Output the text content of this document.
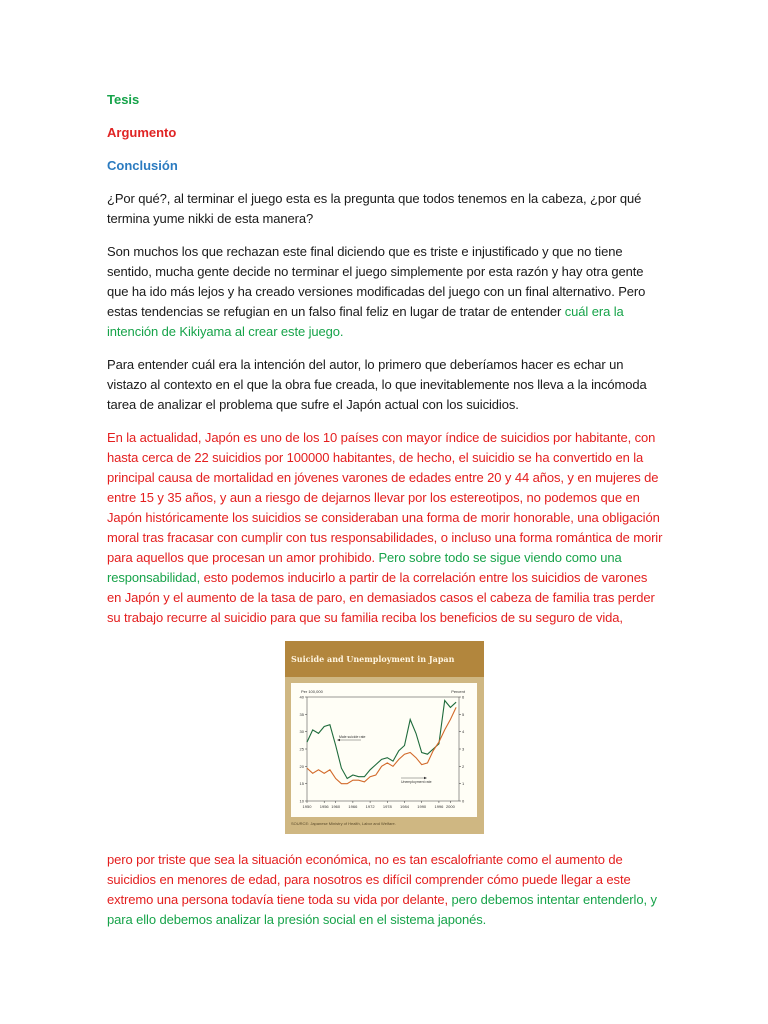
Tesis
Argumento
Conclusión
¿Por qué?, al terminar el juego esta es la pregunta que todos tenemos en la cabeza, ¿por qué termina yume nikki de esta manera?
Son muchos los que rechazan este final diciendo que es triste e injustificado y que no tiene sentido, mucha gente decide no terminar el juego simplemente por esta razón y hay otra gente que ha ido más lejos y ha creado versiones modificadas del juego con un final alternativo. Pero estas tendencias se refugian en un falso final feliz en lugar de tratar de entender cuál era la intención de Kikiyama al crear este juego.
Para entender cuál era la intención del autor, lo primero que deberíamos hacer es echar un vistazo al contexto en el que la obra fue creada, lo que inevitablemente nos lleva a la incómoda tarea de analizar el problema que sufre el Japón actual con los suicidios.
En la actualidad, Japón es uno de los 10 países con mayor índice de suicidios por habitante, con hasta cerca de 22 suicidios por 100000 habitantes, de hecho, el suicidio se ha convertido en la principal causa de mortalidad en jóvenes varones de edades entre 20 y 44 años, y en mujeres de entre 15 y 35 años, y aun a riesgo de dejarnos llevar por los estereotipos, no podemos que en Japón históricamente los suicidios se consideraban una forma de morir honorable, una obligación moral tras fracasar con cumplir con tus responsabilidades, o incluso una forma romántica de morir para aquellos que procesan un amor prohibido. Pero sobre todo se sigue viendo como una responsabilidad, esto podemos inducirlo a partir de la correlación entre los suicidios de varones en Japón y el aumento de la tasa de paro, en demasiados casos el cabeza de familia tras perder su trabajo recurre al suicidio para que su familia reciba los beneficios de su seguro de vida,
Suicide and Unemployment in Japan
10
15
20
25
30
35
40
0
1
2
3
4
5
6
1950 1956 1960 1966 1972 1978 1984 1990 1996 2000
Per 100,000	Percent
Male suicide rate
Unemployment rate
SOURCE: Japanese Ministry of Health, Labor and Welfare.
pero por triste que sea la situación económica, no es tan escalofriante como el aumento de suicidios en menores de edad, para nosotros es difícil comprender cómo puede llegar a este extremo una persona todavía tiene toda su vida por delante, pero debemos intentar entenderlo, y para ello debemos analizar la presión social en el sistema japonés.
